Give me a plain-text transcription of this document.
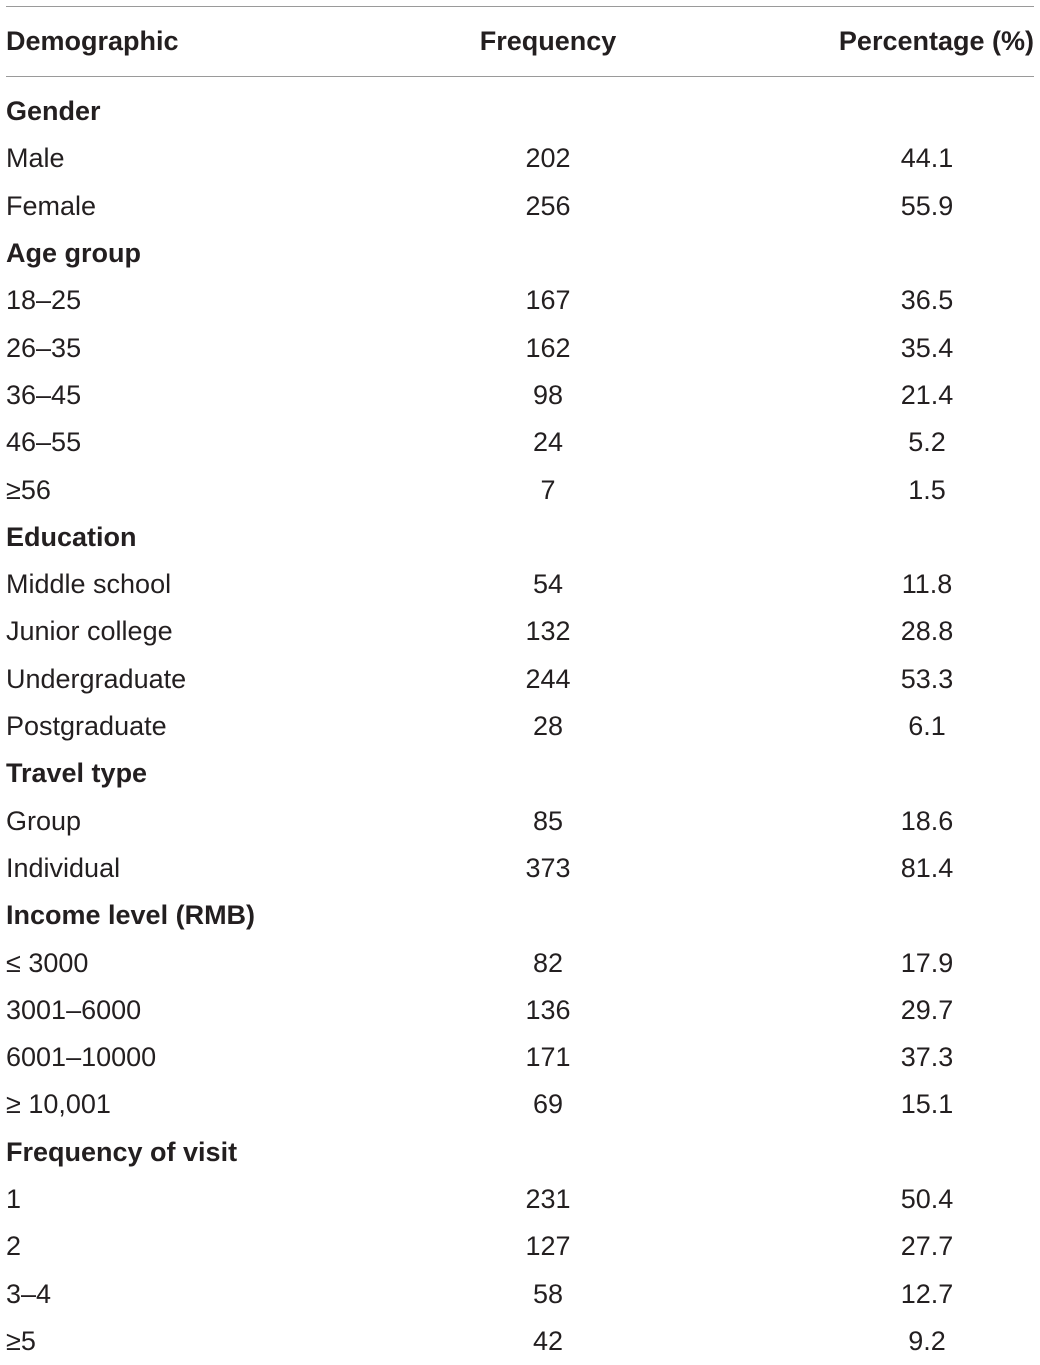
Demographic	Frequency	Percentage (%)
Gender
Male	202	44.1
Female	256	55.9
Age group
18–25	167	36.5
26–35	162	35.4
36–45	98	21.4
46–55	24	5.2
≥56	7	1.5
Education
Middle school	54	11.8
Junior college	132	28.8
Undergraduate	244	53.3
Postgraduate	28	6.1
Travel type
Group	85	18.6
Individual	373	81.4
Income level (RMB)
≤ 3000	82	17.9
3001–6000	136	29.7
6001–10000	171	37.3
≥ 10,001	69	15.1
Frequency of visit
1	231	50.4
2	127	27.7
3–4	58	12.7
≥5	42	9.2
